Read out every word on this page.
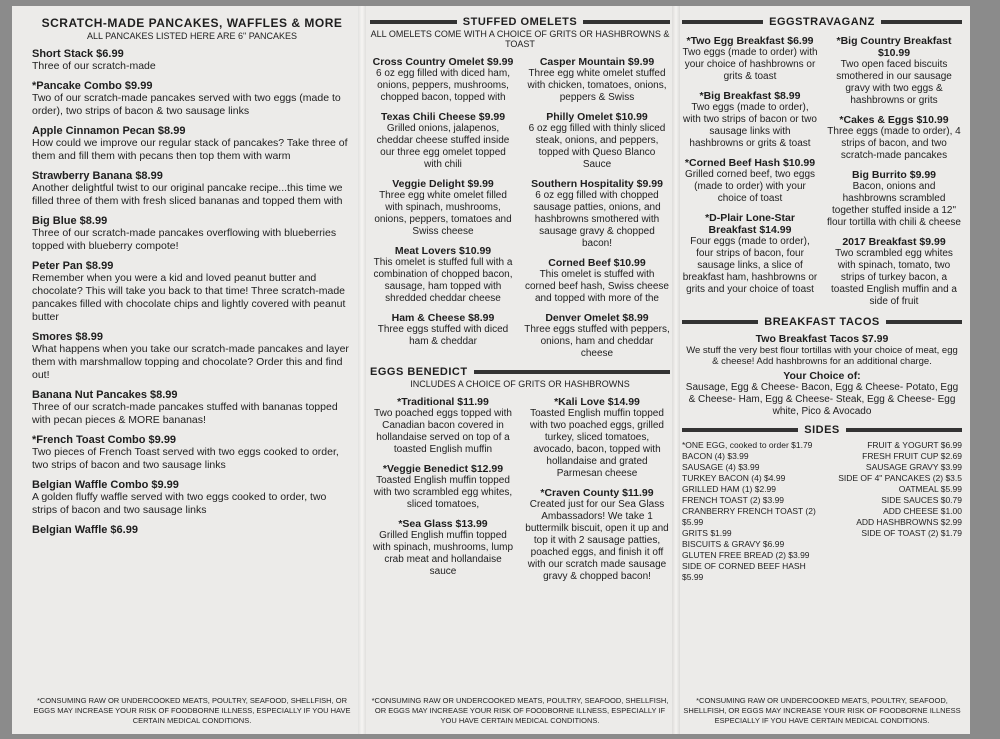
SCRATCH-MADE PANCAKES, WAFFLES & MORE
ALL PANCAKES LISTED HERE ARE 6" PANCAKES
Short Stack $6.99
Three of our scratch-made
*Pancake Combo $9.99
Two of our scratch-made pancakes served with two eggs (made to order), two strips of bacon & two sausage links
Apple Cinnamon Pecan $8.99
How could we improve our regular stack of pancakes? Take three of them and fill them with pecans then top them with warm
Strawberry Banana $8.99
Another delightful twist to our original pancake recipe...this time we filled three of them with fresh sliced bananas and topped them with
Big Blue $8.99
Three of our scratch-made pancakes overflowing with blueberries topped with blueberry compote!
Peter Pan $8.99
Remember when you were a kid and loved peanut butter and chocolate? This will take you back to that time! Three scratch-made pancakes filled with chocolate chips and lightly covered with peanut butter
Smores $8.99
What happens when you take our scratch-made pancakes and layer them with marshmallow topping and chocolate? Order this and find out!
Banana Nut Pancakes $8.99
Three of our scratch-made pancakes stuffed with bananas topped with pecan pieces & MORE bananas!
*French Toast Combo $9.99
Two pieces of French Toast served with two eggs cooked to order, two strips of bacon and two sausage links
Belgian Waffle Combo $9.99
A golden fluffy waffle served with two eggs cooked to order, two strips of bacon and two sausage links
Belgian Waffle $6.99
*CONSUMING RAW OR UNDERCOOKED MEATS, POULTRY, SEAFOOD, SHELLFISH, OR EGGS MAY INCREASE YOUR RISK OF FOODBORNE ILLNESS, ESPECIALLY IF YOU HAVE CERTAIN MEDICAL CONDITIONS.
STUFFED OMELETS
ALL OMELETS COME WITH A CHOICE OF GRITS OR HASHBROWNS & TOAST
Cross Country Omelet $9.99
6 oz egg filled with diced ham, onions, peppers, mushrooms, chopped bacon, topped with
Texas Chili Cheese $9.99
Grilled onions, jalapenos, cheddar cheese stuffed inside our three egg omelet topped with chili
Veggie Delight $9.99
Three egg white omelet filled with spinach, mushrooms, onions, peppers, tomatoes and Swiss cheese
Meat Lovers $10.99
This omelet is stuffed full with a combination of chopped bacon, sausage, ham topped with shredded cheddar cheese
Ham & Cheese $8.99
Three eggs stuffed with diced ham & cheddar
Casper Mountain $9.99
Three egg white omelet stuffed with chicken, tomatoes, onions, peppers & Swiss
Philly Omelet $10.99
6 oz egg filled with thinly sliced steak, onions, and peppers, topped with Queso Blanco Sauce
Southern Hospitality $9.99
6 oz egg filled with chopped sausage patties, onions, and hashbrowns smothered with sausage gravy & chopped bacon!
Corned Beef $10.99
This omelet is stuffed with corned beef hash, Swiss cheese and topped with more of the
Denver Omelet $8.99
Three eggs stuffed with peppers, onions, ham and cheddar cheese
EGGS BENEDICT
INCLUDES A CHOICE OF GRITS OR HASHBROWNS
*Traditional $11.99
Two poached eggs topped with Canadian bacon covered in hollandaise served on top of a toasted English muffin
*Veggie Benedict $12.99
Toasted English muffin topped with two scrambled egg whites, sliced tomatoes,
*Sea Glass $13.99
Grilled English muffin topped with spinach, mushrooms, lump crab meat and hollandaise sauce
*Kali Love $14.99
Toasted English muffin topped with two poached eggs, grilled turkey, sliced tomatoes, avocado, bacon, topped with hollandaise and grated Parmesan cheese
*Craven County $11.99
Created just for our Sea Glass Ambassadors! We take 1 buttermilk biscuit, open it up and top it with 2 sausage patties, poached eggs, and finish it off with our scratch made sausage gravy & chopped bacon!
*CONSUMING RAW OR UNDERCOOKED MEATS, POULTRY, SEAFOOD, SHELLFISH, OR EGGS MAY INCREASE YOUR RISK OF FOODBORNE ILLNESS, ESPECIALLY IF YOU HAVE CERTAIN MEDICAL CONDITIONS.
EGGSTRAVAGANZ
*Two Egg Breakfast $6.99
Two eggs (made to order) with your choice of hashbrowns or grits & toast
*Big Breakfast $8.99
Two eggs (made to order), with two strips of bacon or two sausage links with hashbrowns or grits & toast
*Corned Beef Hash $10.99
Grilled corned beef, two eggs (made to order) with your choice of toast
*D-Plair Lone-Star Breakfast $14.99
Four eggs (made to order), four strips of bacon, four sausage links, a slice of breakfast ham, hashbrowns or grits and your choice of toast
*Big Country Breakfast $10.99
Two open faced biscuits smothered in our sausage gravy with two eggs & hashbrowns or grits
*Cakes & Eggs $10.99
Three eggs (made to order), 4 strips of bacon, and two scratch-made pancakes
Big Burrito $9.99
Bacon, onions and hashbrowns scrambled together stuffed inside a 12" flour tortilla with chili & cheese
2017 Breakfast $9.99
Two scrambled egg whites with spinach, tomato, two strips of turkey bacon, a toasted English muffin and a side of fruit
BREAKFAST TACOS
Two Breakfast Tacos $7.99
We stuff the very best flour tortillas with your choice of meat, egg & cheese! Add hashbrowns for an additional charge.
Your Choice of:
Sausage, Egg & Cheese- Bacon, Egg & Cheese- Potato, Egg & Cheese- Ham, Egg & Cheese- Steak, Egg & Cheese- Egg white, Pico & Avocado
SIDES
*ONE EGG, cooked to order $1.79
BACON (4) $3.99
SAUSAGE (4) $3.99
TURKEY BACON (4) $4.99
GRILLED HAM (1) $2.99
FRENCH TOAST (2) $3.99
CRANBERRY FRENCH TOAST (2) $5.99
GRITS $1.99
BISCUITS & GRAVY $6.99
GLUTEN FREE BREAD (2) $3.99
SIDE OF CORNED BEEF HASH $5.99
FRUIT & YOGURT $6.99
FRESH FRUIT CUP $2.69
SAUSAGE GRAVY $3.99
SIDE OF 4" PANCAKES (2) $3.5
OATMEAL $5.99
SIDE SAUCES $0.79
ADD CHEESE $1.00
ADD HASHBROWNS $2.99
SIDE OF TOAST (2) $1.79
*CONSUMING RAW OR UNDERCOOKED MEATS, POULTRY, SEAFOOD, SHELLFISH, OR EGGS MAY INCREASE YOUR RISK OF FOODBORNE ILLNESS ESPECIALLY IF YOU HAVE CERTAIN MEDICAL CONDITIONS.
